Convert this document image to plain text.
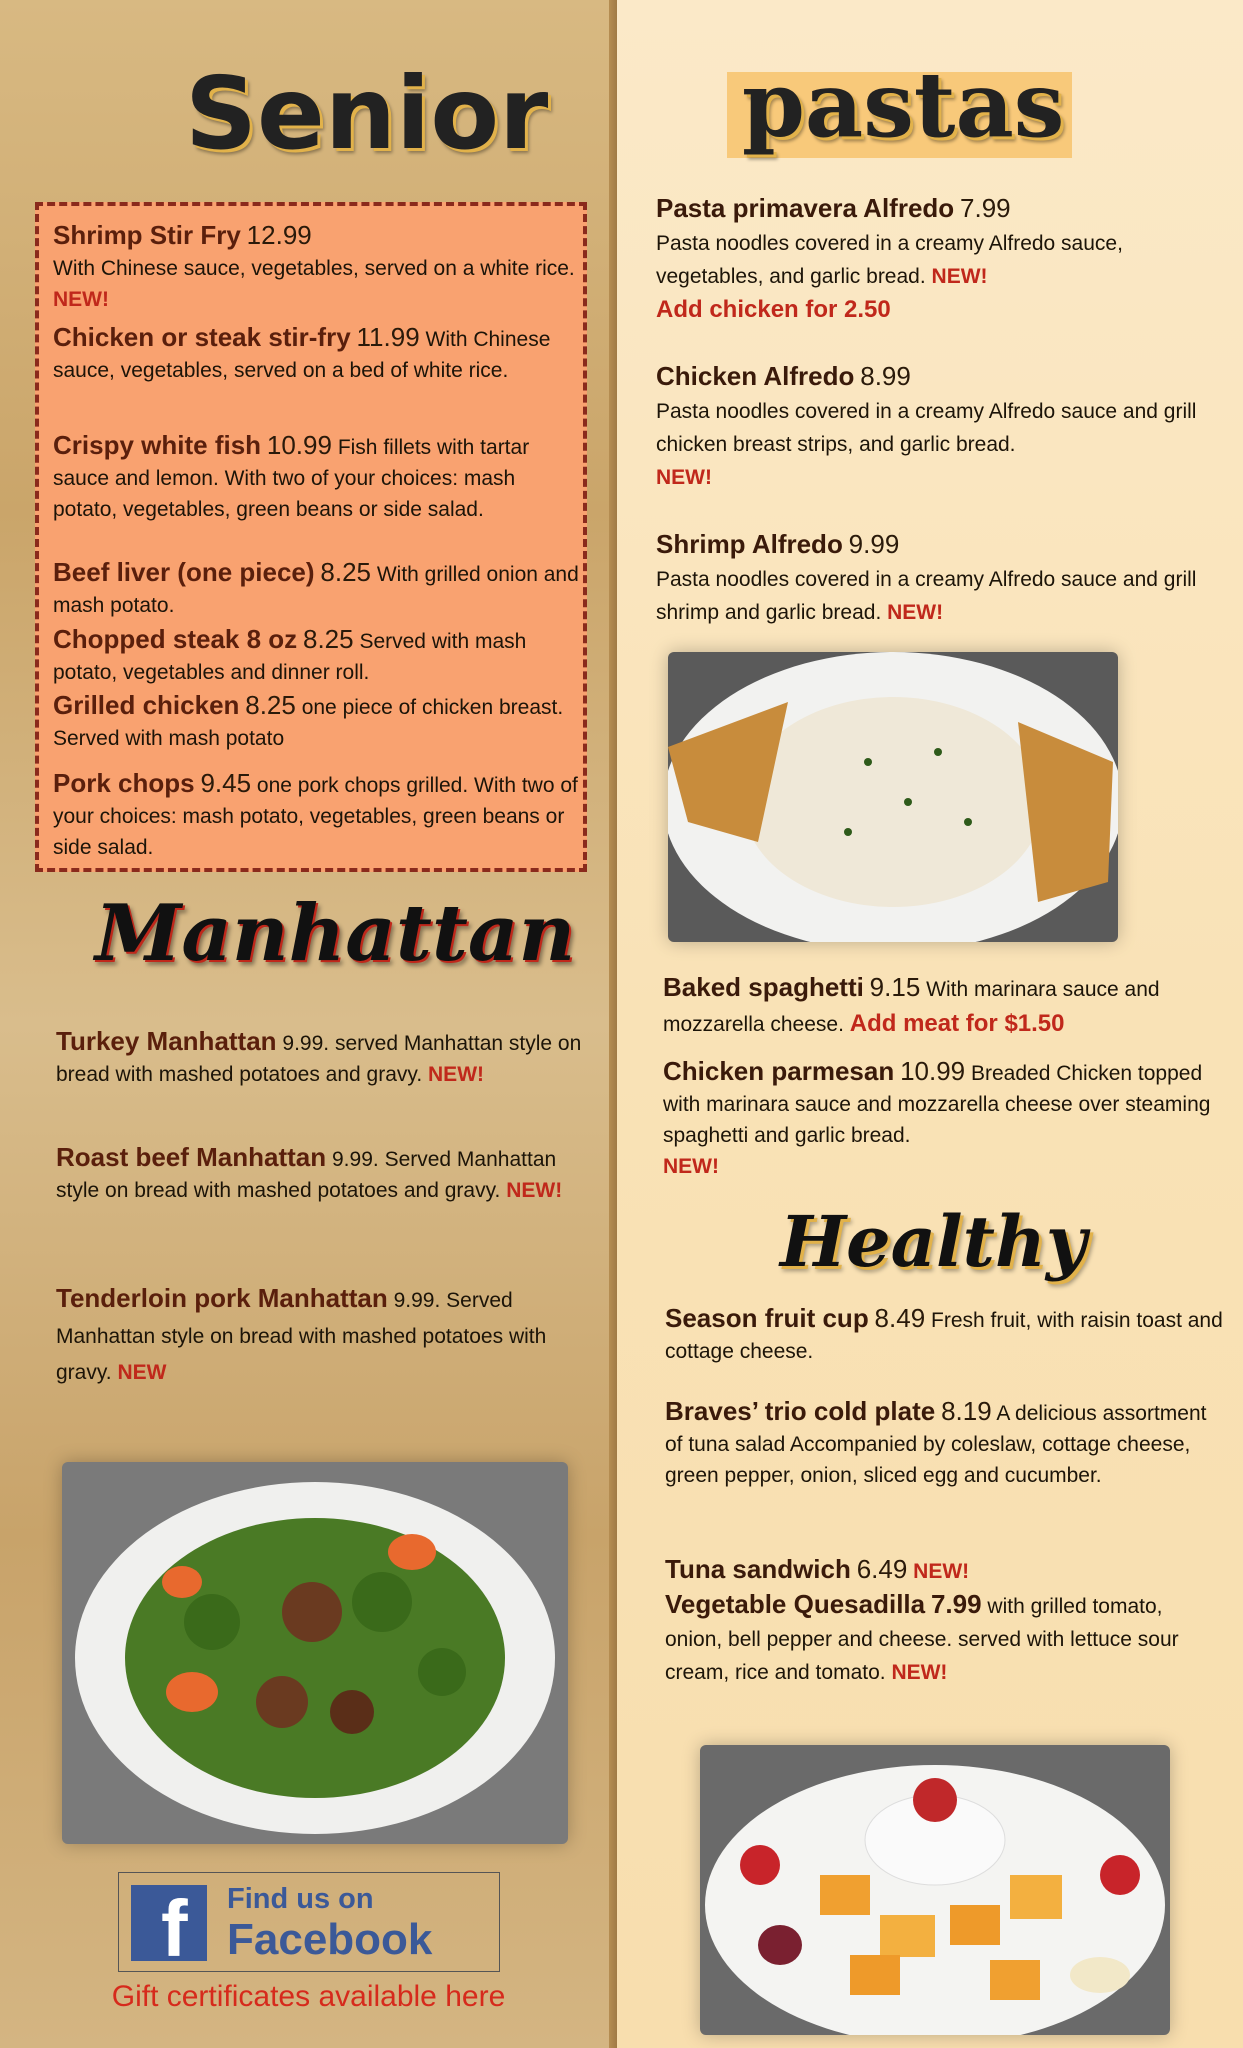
Senior
Shrimp Stir Fry 12.99
With Chinese sauce, vegetables, served on a white rice. NEW!
Chicken or steak stir-fry 11.99 With Chinese sauce, vegetables, served on a bed of white rice.
Crispy white fish 10.99 Fish fillets with tartar sauce and lemon. With two of your choices: mash potato, vegetables, green beans or side salad.
Beef liver (one piece) 8.25 With grilled onion and mash potato.
Chopped steak 8 oz 8.25 Served with mash potato, vegetables and dinner roll.
Grilled chicken 8.25 one piece of chicken breast. Served with mash potato
Pork chops 9.45 one pork chops grilled. With two of your choices: mash potato, vegetables, green beans or side salad.
Manhattan
Turkey Manhattan 9.99. served Manhattan style on bread with mashed potatoes and gravy. NEW!
Roast beef Manhattan 9.99. Served Manhattan style on bread with mashed potatoes and gravy. NEW!
Tenderloin pork Manhattan 9.99. Served Manhattan style on bread with mashed potatoes with gravy. NEW
f Find us on
Facebook
Gift certificates available here
pastas
Pasta primavera Alfredo 7.99
Pasta noodles covered in a creamy Alfredo sauce, vegetables, and garlic bread. NEW!
Add chicken for 2.50
Chicken Alfredo 8.99
Pasta noodles covered in a creamy Alfredo sauce and grill chicken breast strips, and garlic bread.
NEW!
Shrimp Alfredo 9.99
Pasta noodles covered in a creamy Alfredo sauce and grill shrimp and garlic bread. NEW!
Baked spaghetti 9.15 With marinara sauce and mozzarella cheese. Add meat for $1.50
Chicken parmesan 10.99 Breaded Chicken topped with marinara sauce and mozzarella cheese over steaming spaghetti and garlic bread.
NEW!
Healthy
Season fruit cup 8.49 Fresh fruit, with raisin toast and cottage cheese.
Braves’ trio cold plate 8.19 A delicious assortment of tuna salad Accompanied by coleslaw, cottage cheese, green pepper, onion, sliced egg and cucumber.
Tuna sandwich 6.49 NEW!
Vegetable Quesadilla 7.99 with grilled tomato, onion, bell pepper and cheese. served with lettuce sour cream, rice and tomato. NEW!
